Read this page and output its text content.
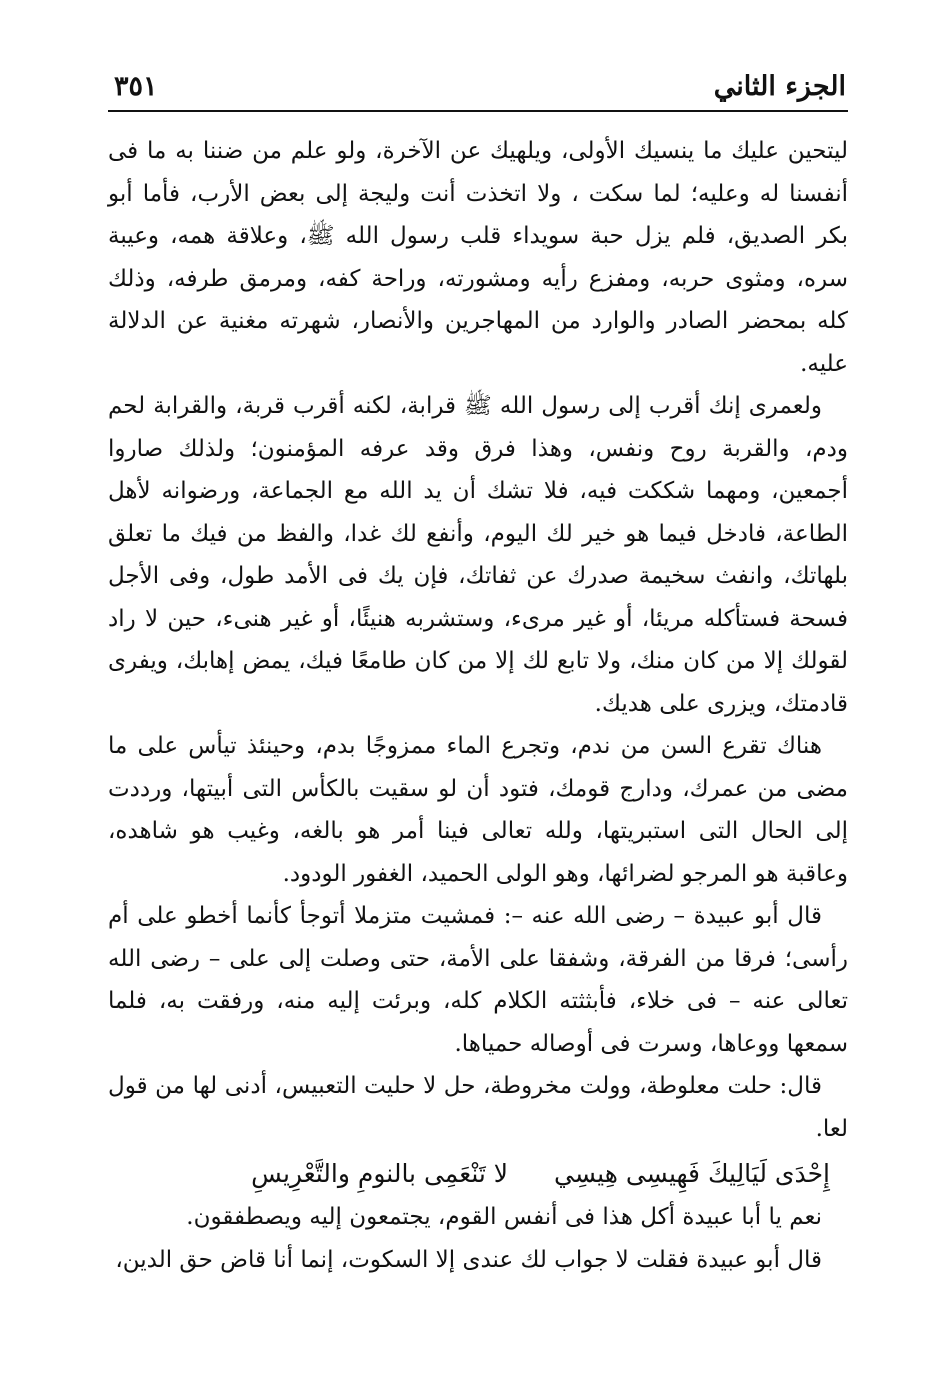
الجزء الثاني
٣٥١

ليتحين عليك ما ينسيك الأولى، ويلهيك عن الآخرة، ولو علم من ضننا به ما فى أنفسنا له وعليه؛ لما سكت ، ولا اتخذت أنت وليجة إلى بعض الأرب، فأما أبو بكر الصديق، فلم يزل حبة سويداء قلب رسول الله ﷺ، وعلاقة همه، وعيبة سره، ومثوى حربه، ومفزع رأيه ومشورته، وراحة كفه، ومرمق طرفه، وذلك كله بمحضر الصادر والوارد من المهاجرين والأنصار، شهرته مغنية عن الدلالة عليه.

ولعمرى إنك أقرب إلى رسول الله ﷺ قرابة، لكنه أقرب قربة، والقرابة لحم ودم، والقربة روح ونفس، وهذا فرق وقد عرفه المؤمنون؛ ولذلك صاروا أجمعين، ومهما شككت فيه، فلا تشك أن يد الله مع الجماعة، ورضوانه لأهل الطاعة، فادخل فيما هو خير لك اليوم، وأنفع لك غدا، والفظ من فيك ما تعلق بلهاتك، وانفث سخيمة صدرك عن ثفاتك، فإن يك فى الأمد طول، وفى الأجل فسحة فستأكله مريئا، أو غير مرىء، وستشربه هنيئًا، أو غير هنىء، حين لا راد لقولك إلا من كان منك، ولا تابع لك إلا من كان طامعًا فيك، يمض إهابك، ويفرى قادمتك، ويزرى على هديك.

هناك تقرع السن من ندم، وتجرع الماء ممزوجًا بدم، وحينئذ تيأس على ما مضى من عمرك، ودارج قومك، فتود أن لو سقيت بالكأس التى أبيتها، ورددت إلى الحال التى استبريتها، ولله تعالى فينا أمر هو بالغه، وغيب هو شاهده، وعاقبة هو المرجو لضرائها، وهو الولى الحميد، الغفور الودود.

قال أبو عبيدة – رضى الله عنه –: فمشيت متزملا أتوجأ كأنما أخطو على أم رأسى؛ فرقا من الفرقة، وشفقا على الأمة، حتى وصلت إلى على – رضى الله تعالى عنه – فى خلاء، فأبثثته الكلام كله، وبرئت إليه منه، ورفقت به، فلما سمعها ووعاها، وسرت فى أوصاله حمياها.

قال: حلت معلوطة، وولت مخروطة، حل لا حليت التعبيس، أدنى لها من قول لعا.

إِحْدَى لَيَالِيكَ فَهِيسِى هِيسِي
لا تَنْعَمِى بالنومِ والتَّعْرِيسِ

نعم يا أبا عبيدة أكل هذا فى أنفس القوم، يجتمعون إليه ويصطفقون.

قال أبو عبيدة فقلت لا جواب لك عندى إلا السكوت، إنما أنا قاض حق الدين،
